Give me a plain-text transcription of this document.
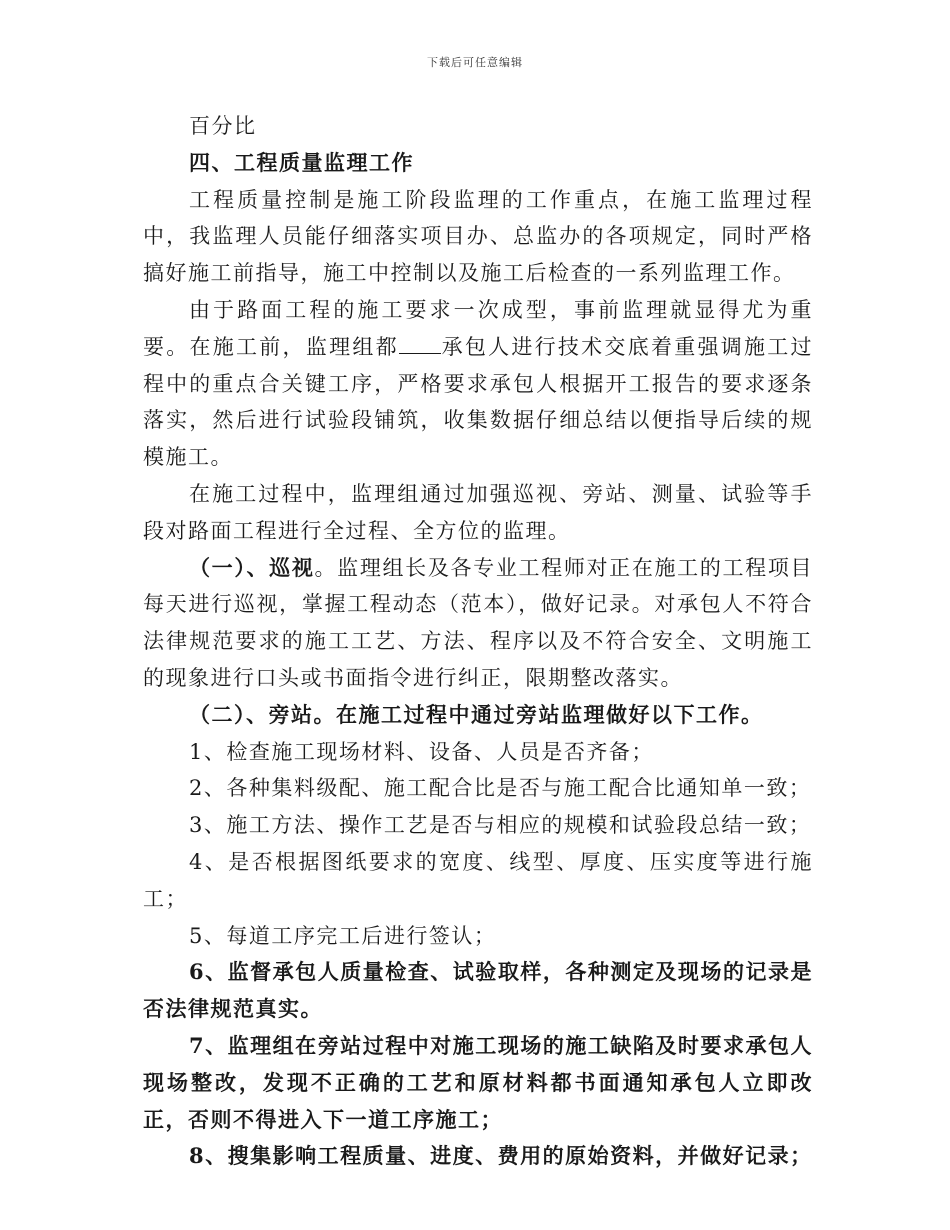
下载后可任意编辑

百分比

四、工程质量监理工作

工程质量控制是施工阶段监理的工作重点，在施工监理过程中，我监理人员能仔细落实项目办、总监办的各项规定，同时严格搞好施工前指导，施工中控制以及施工后检查的一系列监理工作。

由于路面工程的施工要求一次成型，事前监理就显得尤为重要。在施工前，监理组都 承包人进行技术交底着重强调施工过程中的重点合关键工序，严格要求承包人根据开工报告的要求逐条落实，然后进行试验段铺筑，收集数据仔细总结以便指导后续的规模施工。

在施工过程中，监理组通过加强巡视、旁站、测量、试验等手段对路面工程进行全过程、全方位的监理。

（一）、巡视。监理组长及各专业工程师对正在施工的工程项目每天进行巡视，掌握工程动态（范本），做好记录。对承包人不符合法律规范要求的施工工艺、方法、程序以及不符合安全、文明施工的现象进行口头或书面指令进行纠正，限期整改落实。

（二）、旁站。在施工过程中通过旁站监理做好以下工作。

1、检查施工现场材料、设备、人员是否齐备；

2、各种集料级配、施工配合比是否与施工配合比通知单一致；

3、施工方法、操作工艺是否与相应的规模和试验段总结一致；

4、是否根据图纸要求的宽度、线型、厚度、压实度等进行施工；

5、每道工序完工后进行签认；

6、监督承包人质量检查、试验取样，各种测定及现场的记录是否法律规范真实。

7、监理组在旁站过程中对施工现场的施工缺陷及时要求承包人现场整改，发现不正确的工艺和原材料都书面通知承包人立即改正，否则不得进入下一道工序施工；

8、搜集影响工程质量、进度、费用的原始资料，并做好记录；
